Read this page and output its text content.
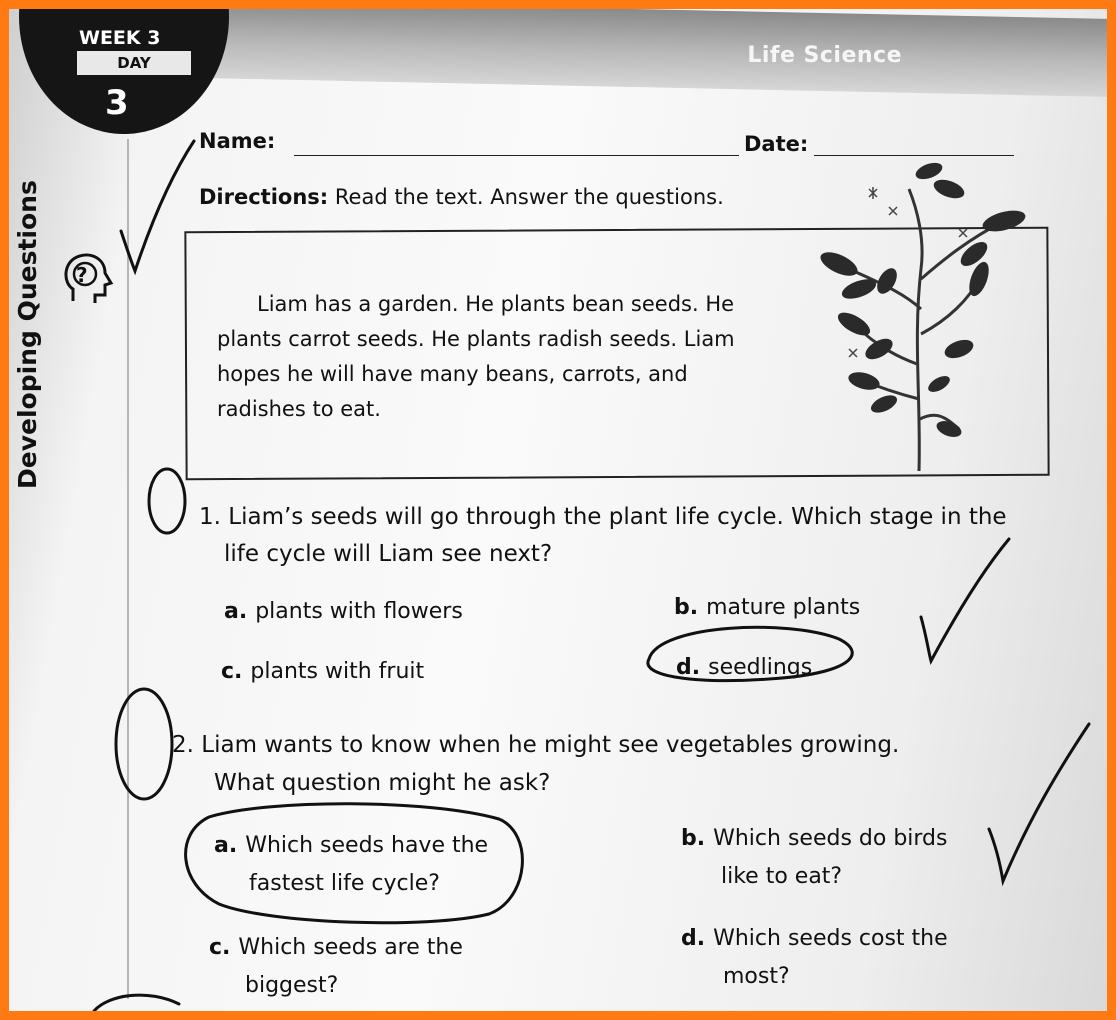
Life Science
WEEK 3
DAY
3
?
Developing Questions
Name:	Date:
Directions: Read the text. Answer the questions.

Liam has a garden. He plants bean seeds. He

plants carrot seeds. He plants radish seeds. Liam
hopes he will have many beans, carrots, and
radishes to eat.
1. Liam’s seeds will go through the plant life cycle. Which stage in the
life cycle will Liam see next?
a. plants with flowers	b. mature plants
c. plants with fruit	d. seedlings
2. Liam wants to know when he might see vegetables growing.
What question might he ask?
a. Which seeds have the
fastest life cycle?
b. Which seeds do birds
like to eat?
c. Which seeds are the
biggest?
d. Which seeds cost the
most?
